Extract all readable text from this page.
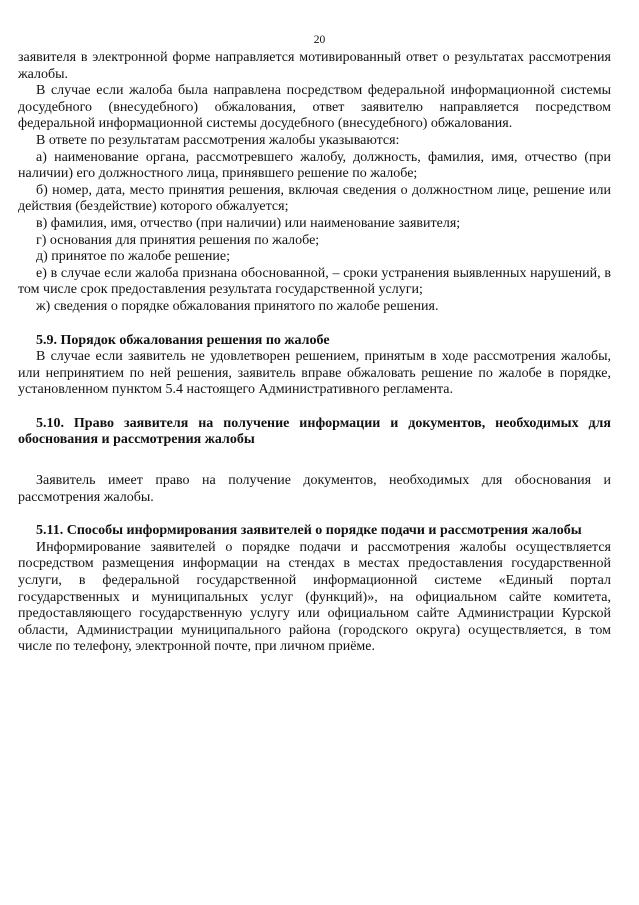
20

заявителя в электронной форме направляется мотивированный ответ о результатах рассмотрения жалобы.

В случае если жалоба была направлена посредством федеральной информационной системы досудебного (внесудебного) обжалования, ответ заявителю направляется посредством федеральной информационной системы досудебного (внесудебного) обжалования.

В ответе по результатам рассмотрения жалобы указываются:

а) наименование органа, рассмотревшего жалобу, должность, фамилия, имя, отчество (при наличии) его должностного лица, принявшего решение по жалобе;

б) номер, дата, место принятия решения, включая сведения о должностном лице, решение или действия (бездействие) которого обжалуется;

в) фамилия, имя, отчество (при наличии) или наименование заявителя;

г) основания для принятия решения по жалобе;

д) принятое по жалобе решение;

е) в случае если жалоба признана обоснованной, – сроки устранения выявленных нарушений, в том числе срок предоставления результата государственной услуги;

ж) сведения о порядке обжалования принятого по жалобе решения.

5.9. Порядок обжалования решения по жалобе

В случае если заявитель не удовлетворен решением, принятым в ходе рассмотрения жалобы, или непринятием по ней решения, заявитель вправе обжаловать решение по жалобе в порядке, установленном пунктом 5.4 настоящего Административного регламента.

5.10. Право заявителя на получение информации и документов, необходимых для обоснования и рассмотрения жалобы

Заявитель имеет право на получение документов, необходимых для обоснования и рассмотрения жалобы.

5.11. Способы информирования заявителей о порядке подачи и рассмотрения жалобы

Информирование заявителей о порядке подачи и рассмотрения жалобы осуществляется посредством размещения информации на стендах в местах предоставления государственной услуги, в федеральной государственной информационной системе «Единый портал государственных и муниципальных услуг (функций)», на официальном сайте комитета, предоставляющего государственную услугу или официальном сайте Администрации Курской области, Администрации муниципального района (городского округа) осуществляется, в том числе по телефону, электронной почте, при личном приёме.
